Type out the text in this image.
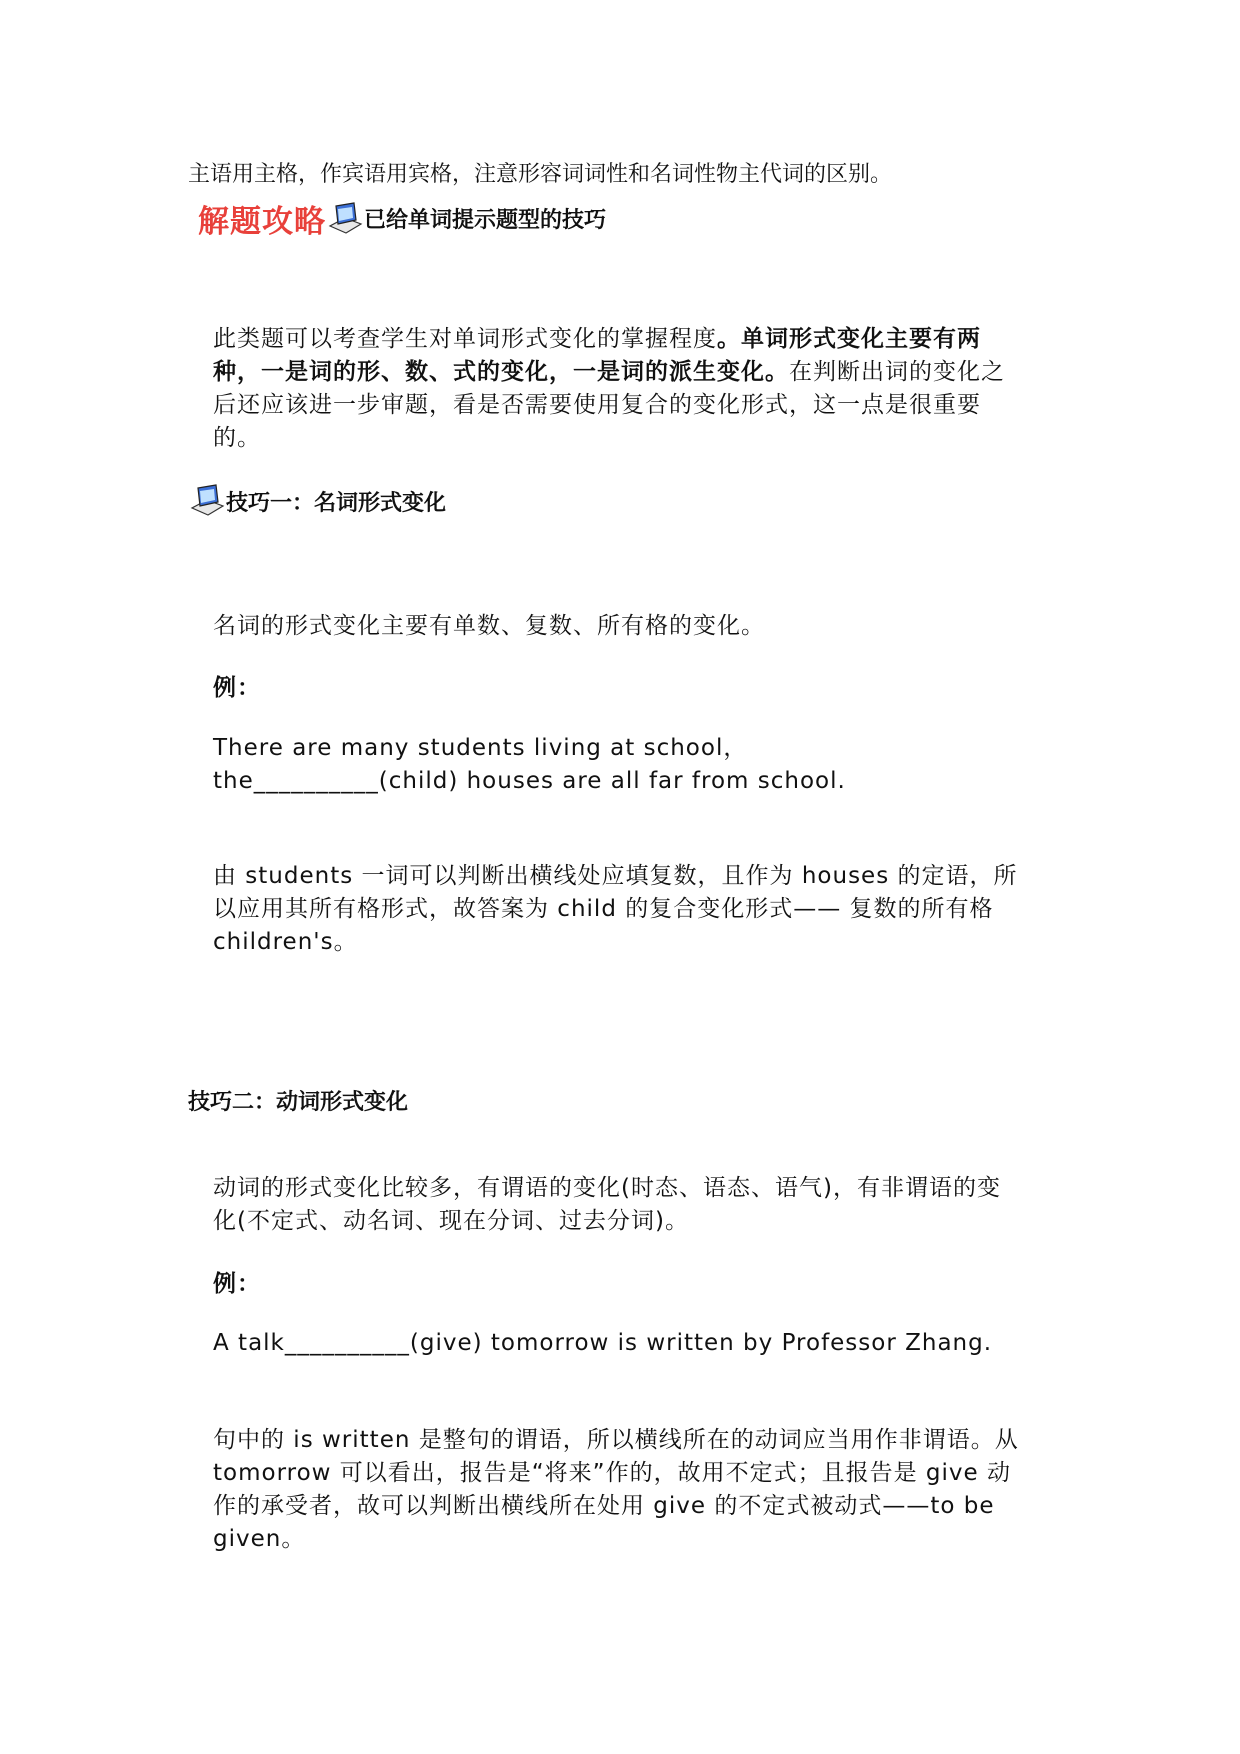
主语用主格，作宾语用宾格，注意形容词词性和名词性物主代词的区别。
解题攻略 已给单词提示题型的技巧
此类题可以考查学生对单词形式变化的掌握程度。单词形式变化主要有两种，一是词的形、数、式的变化，一是词的派生变化。在判断出词的变化之后还应该进一步审题，看是否需要使用复合的变化形式，这一点是很重要的。
技巧一：名词形式变化
名词的形式变化主要有单数、复数、所有格的变化。
例：
There are many students living at school，the__________(child) houses are all far from school.
由 students 一词可以判断出横线处应填复数，且作为 houses 的定语，所以应用其所有格形式，故答案为 child 的复合变化形式—— 复数的所有格 children's。
技巧二：动词形式变化
动词的形式变化比较多，有谓语的变化(时态、语态、语气)，有非谓语的变化(不定式、动名词、现在分词、过去分词)。
例：
A talk__________(give) tomorrow is written by Professor Zhang.
句中的 is written 是整句的谓语，所以横线所在的动词应当用作非谓语。从 tomorrow 可以看出，报告是“将来”作的，故用不定式；且报告是 give 动作的承受者，故可以判断出横线所在处用 give 的不定式被动式——to be given。
